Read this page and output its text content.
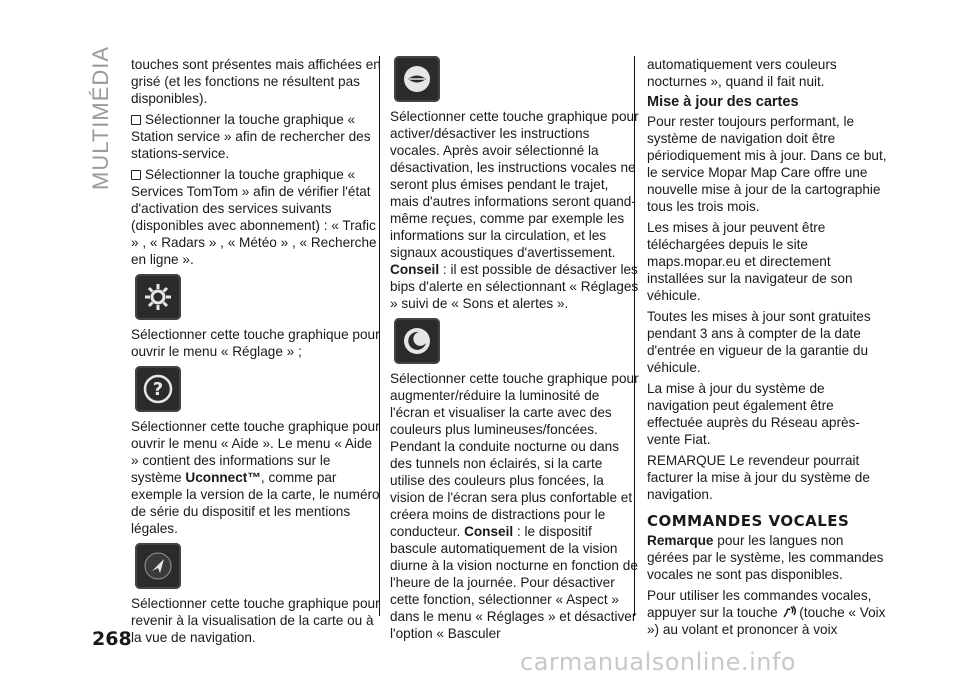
MULTIMÉDIA touches sont présentes mais affichées en grisé (et les fonctions ne résultent pas disponibles).

Sélectionner la touche graphique « Station service » afin de rechercher des stations-service.

Sélectionner la touche graphique « Services TomTom » afin de vérifier l'état d'activation des services suivants (disponibles avec abonnement) : « Trafic » , « Radars » , « Météo » , « Recherche en ligne ».

Sélectionner cette touche graphique pour ouvrir le menu « Réglage » ;

?

Sélectionner cette touche graphique pour ouvrir le menu « Aide ». Le menu « Aide » contient des informations sur le système Uconnect™, comme par exemple la version de la carte, le numéro de série du dispositif et les mentions légales.

Sélectionner cette touche graphique pour revenir à la visualisation de la carte ou à la vue de navigation.

Sélectionner cette touche graphique pour activer/désactiver les instructions vocales. Après avoir sélectionné la désactivation, les instructions vocales ne seront plus émises pendant le trajet, mais d'autres informations seront quand-même reçues, comme par exemple les informations sur la circulation, et les signaux acoustiques d'avertissement. Conseil : il est possible de désactiver les bips d'alerte en sélectionnant « Réglages » suivi de « Sons et alertes ».

Sélectionner cette touche graphique pour augmenter/réduire la luminosité de l'écran et visualiser la carte avec des couleurs plus lumineuses/foncées. Pendant la conduite nocturne ou dans des tunnels non éclairés, si la carte utilise des couleurs plus foncées, la vision de l'écran sera plus confortable et créera moins de distractions pour le conducteur. Conseil : le dispositif bascule automatiquement de la vision diurne à la vision nocturne en fonction de l'heure de la journée. Pour désactiver cette fonction, sélectionner « Aspect » dans le menu « Réglages » et désactiver l'option « Basculer

automatiquement vers couleurs nocturnes », quand il fait nuit.

Mise à jour des cartes

Pour rester toujours performant, le système de navigation doit être périodiquement mis à jour. Dans ce but, le service Mopar Map Care offre une nouvelle mise à jour de la cartographie tous les trois mois.

Les mises à jour peuvent être téléchargées depuis le site maps.mopar.eu et directement installées sur la navigateur de son véhicule.

Toutes les mises à jour sont gratuites pendant 3 ans à compter de la date d'entrée en vigueur de la garantie du véhicule.

La mise à jour du système de navigation peut également être effectuée auprès du Réseau après-vente Fiat.

REMARQUE Le revendeur pourrait facturer la mise à jour du système de navigation.

COMMANDES VOCALES

Remarque pour les langues non gérées par le système, les commandes vocales ne sont pas disponibles.

Pour utiliser les commandes vocales, appuyer sur la touche  (touche « Voix ») au volant et prononcer à voix

268
carmanualsonline.info
